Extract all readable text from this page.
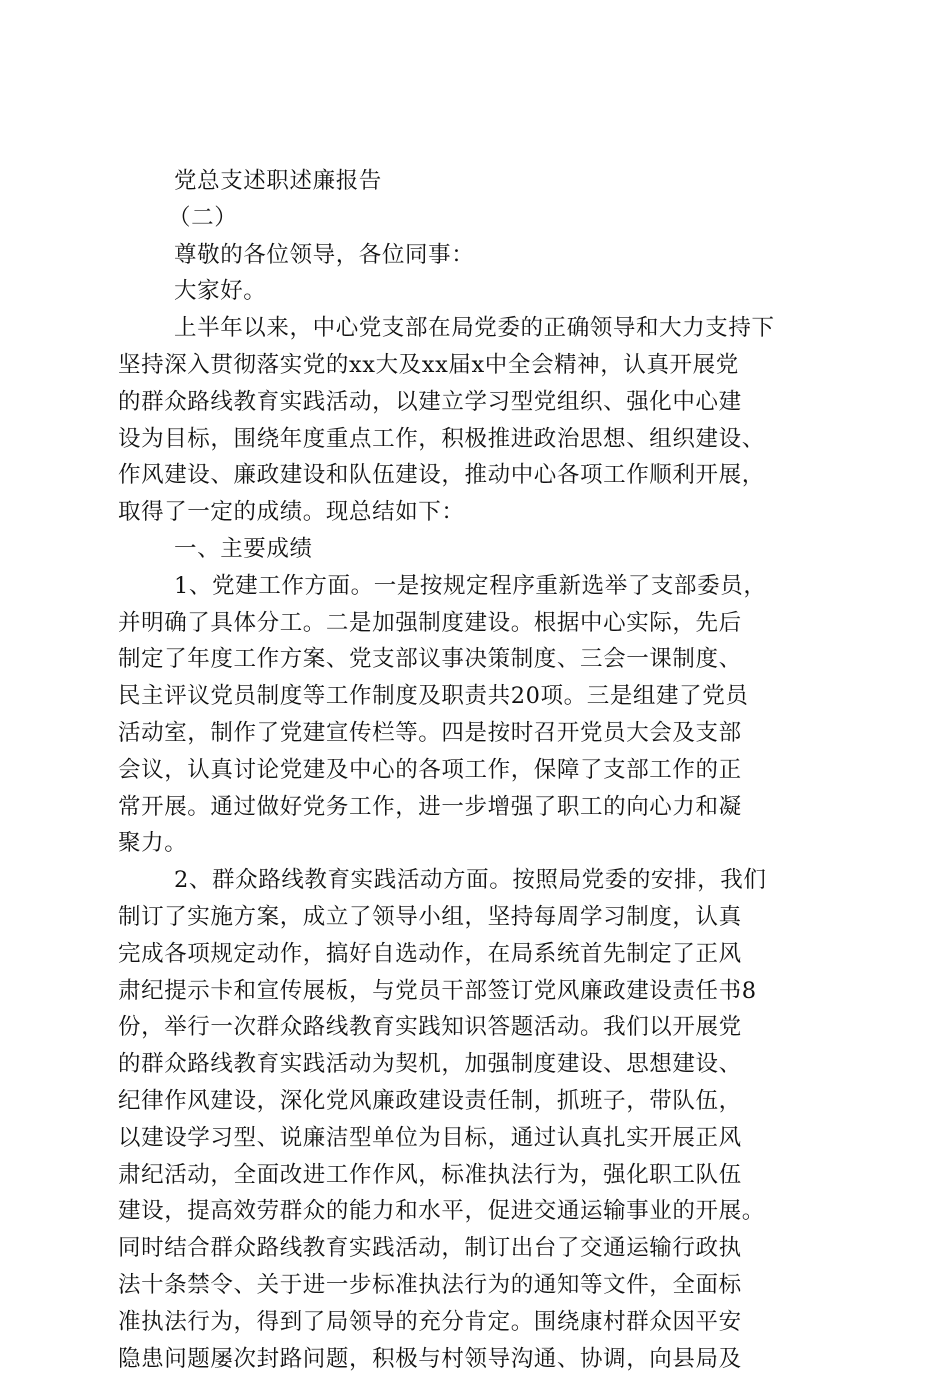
党总支述职述廉报告
（二）
尊敬的各位领导，各位同事：
大家好。
上半年以来，中心党支部在局党委的正确领导和大力支持下
坚持深入贯彻落实党的xx大及xx届x中全会精神，认真开展党
的群众路线教育实践活动，以建立学习型党组织、强化中心建
设为目标，围绕年度重点工作，积极推进政治思想、组织建设、
作风建设、廉政建设和队伍建设，推动中心各项工作顺利开展，
取得了一定的成绩。现总结如下：
一、主要成绩
1、党建工作方面。一是按规定程序重新选举了支部委员，
并明确了具体分工。二是加强制度建设。根据中心实际，先后
制定了年度工作方案、党支部议事决策制度、三会一课制度、
民主评议党员制度等工作制度及职责共20项。三是组建了党员
活动室，制作了党建宣传栏等。四是按时召开党员大会及支部
会议，认真讨论党建及中心的各项工作，保障了支部工作的正
常开展。通过做好党务工作，进一步增强了职工的向心力和凝
聚力。
2、群众路线教育实践活动方面。按照局党委的安排，我们
制订了实施方案，成立了领导小组，坚持每周学习制度，认真
完成各项规定动作，搞好自选动作，在局系统首先制定了正风
肃纪提示卡和宣传展板，与党员干部签订党风廉政建设责任书8
份，举行一次群众路线教育实践知识答题活动。我们以开展党
的群众路线教育实践活动为契机，加强制度建设、思想建设、
纪律作风建设，深化党风廉政建设责任制，抓班子，带队伍，
以建设学习型、说廉洁型单位为目标，通过认真扎实开展正风
肃纪活动，全面改进工作作风，标准执法行为，强化职工队伍
建设，提高效劳群众的能力和水平，促进交通运输事业的开展。
同时结合群众路线教育实践活动，制订出台了交通运输行政执
法十条禁令、关于进一步标准执法行为的通知等文件，全面标
准执法行为，得到了局领导的充分肯定。围绕康村群众因平安
隐患问题屡次封路问题，积极与村领导沟通、协调，向县局及
